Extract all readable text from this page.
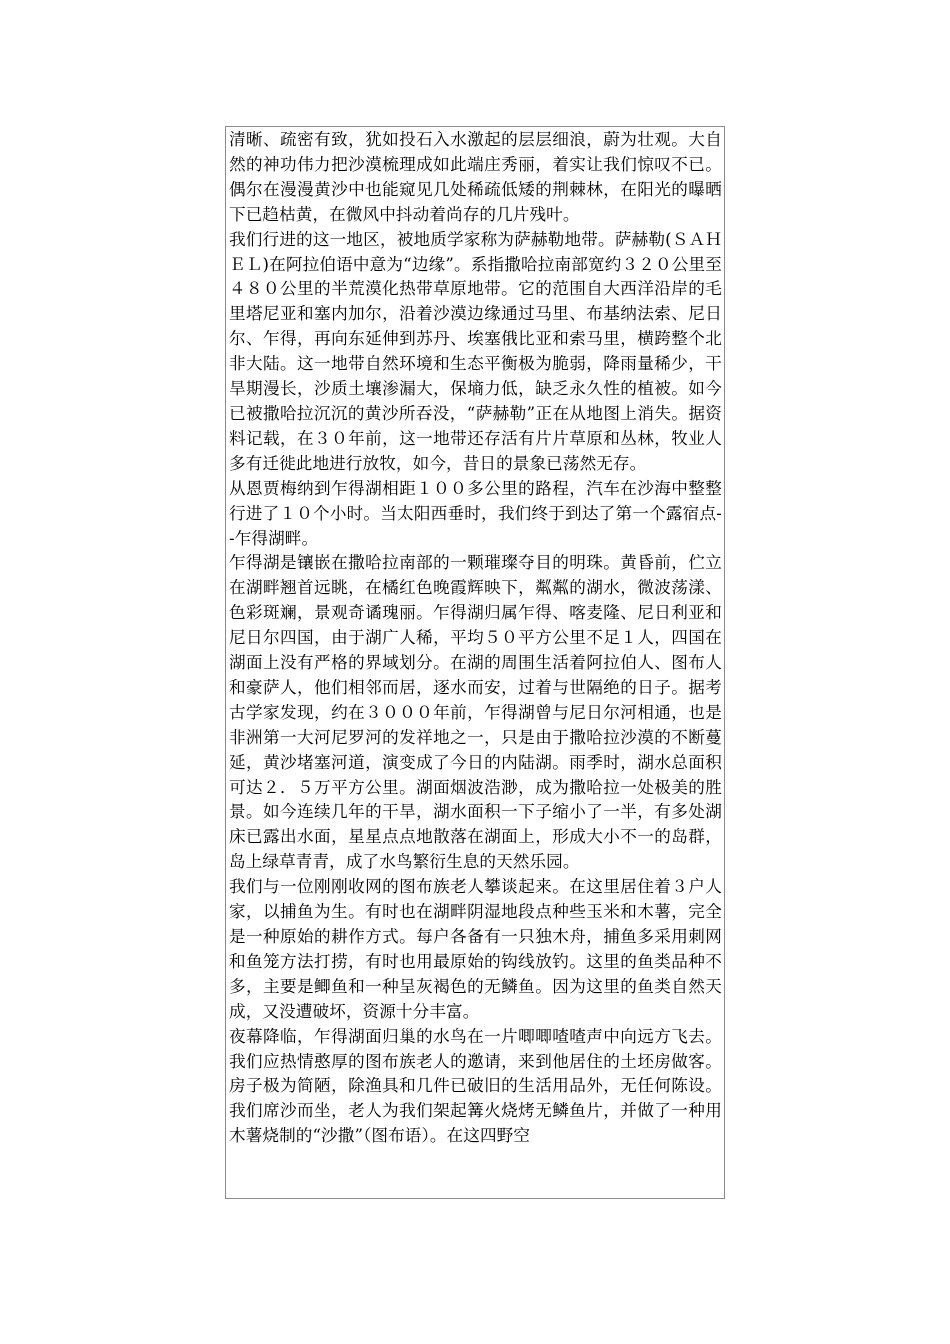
清晰、疏密有致，犹如投石入水激起的层层细浪，蔚为壮观。大自然的神功伟力把沙漠梳理成如此端庄秀丽，着实让我们惊叹不已。偶尔在漫漫黄沙中也能窥见几处稀疏低矮的荆棘林，在阳光的曝晒下已趋枯黄，在微风中抖动着尚存的几片残叶。

我们行进的这一地区，被地质学家称为萨赫勒地带。萨赫勒(ＳＡＨＥＬ)在阿拉伯语中意为“边缘”。系指撒哈拉南部宽约３２０公里至４８０公里的半荒漠化热带草原地带。它的范围自大西洋沿岸的毛里塔尼亚和塞内加尔，沿着沙漠边缘通过马里、布基纳法索、尼日尔、乍得，再向东延伸到苏丹、埃塞俄比亚和索马里，横跨整个北非大陆。这一地带自然环境和生态平衡极为脆弱，降雨量稀少，干旱期漫长，沙质土壤渗漏大，保墒力低，缺乏永久性的植被。如今已被撒哈拉沉沉的黄沙所吞没，“萨赫勒”正在从地图上消失。据资料记载，在３０年前，这一地带还存活有片片草原和丛林，牧业人多有迁徙此地进行放牧，如今，昔日的景象已荡然无存。

从恩贾梅纳到乍得湖相距１００多公里的路程，汽车在沙海中整整行进了１０个小时。当太阳西垂时，我们终于到达了第一个露宿点--乍得湖畔。

乍得湖是镶嵌在撒哈拉南部的一颗璀璨夺目的明珠。黄昏前，伫立在湖畔翘首远眺，在橘红色晚霞辉映下，粼粼的湖水，微波荡漾、色彩斑斓，景观奇谲瑰丽。乍得湖归属乍得、喀麦隆、尼日利亚和尼日尔四国，由于湖广人稀，平均５０平方公里不足１人，四国在湖面上没有严格的界域划分。在湖的周围生活着阿拉伯人、图布人和豪萨人，他们相邻而居，逐水而安，过着与世隔绝的日子。据考古学家发现，约在３０００年前，乍得湖曾与尼日尔河相通，也是非洲第一大河尼罗河的发祥地之一，只是由于撒哈拉沙漠的不断蔓延，黄沙堵塞河道，演变成了今日的内陆湖。雨季时，湖水总面积可达２．５万平方公里。湖面烟波浩渺，成为撒哈拉一处极美的胜景。如今连续几年的干旱，湖水面积一下子缩小了一半，有多处湖床已露出水面，星星点点地散落在湖面上，形成大小不一的岛群，岛上绿草青青，成了水鸟繁衍生息的天然乐园。

我们与一位刚刚收网的图布族老人攀谈起来。在这里居住着３户人家，以捕鱼为生。有时也在湖畔阴湿地段点种些玉米和木薯，完全是一种原始的耕作方式。每户各备有一只独木舟，捕鱼多采用刺网和鱼笼方法打捞，有时也用最原始的钩线放钓。这里的鱼类品种不多，主要是鲫鱼和一种呈灰褐色的无鳞鱼。因为这里的鱼类自然天成，又没遭破坏，资源十分丰富。

夜幕降临，乍得湖面归巢的水鸟在一片唧唧喳喳声中向远方飞去。我们应热情憨厚的图布族老人的邀请，来到他居住的土坯房做客。房子极为简陋，除渔具和几件已破旧的生活用品外，无任何陈设。我们席沙而坐，老人为我们架起篝火烧烤无鳞鱼片，并做了一种用木薯烧制的“沙撒”（图布语）。在这四野空
